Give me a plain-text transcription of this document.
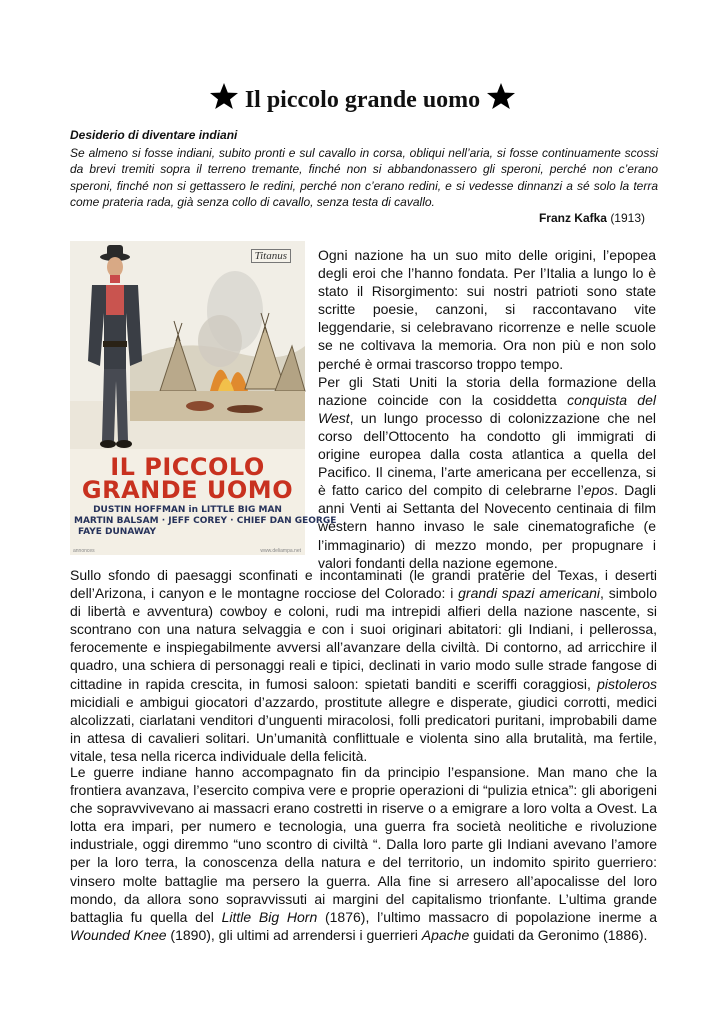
Il piccolo grande uomo
Desiderio di diventare indiani
Se almeno si fosse indiani, subito pronti e sul cavallo in corsa, obliqui nell’aria, si fosse continuamente scossi da brevi tremiti sopra il terreno tremante, finché non si abbandonassero gli speroni, perché non c’erano speroni, finché non si gettassero le redini, perché non c’erano redini, e si vedesse dinnanzi a sé solo la terra come prateria rada, già senza collo di cavallo, senza testa di cavallo.
Franz Kafka (1913)
Titanus
IL PICCOLO
GRANDE UOMO
DUSTIN HOFFMAN in LITTLE BIG MAN
MARTIN BALSAM · JEFF COREY · CHIEF DAN GEORGE
FAYE DUNAWAY
annonces	www.deliampa.net
Ogni nazione ha un suo mito delle origini, l’epopea degli eroi che l’hanno fondata. Per l’Italia a lungo lo è stato il Risorgimento: sui nostri patrioti sono state scritte poesie, canzoni, si raccontavano vite leggendarie, si celebravano ricorrenze e nelle scuole se ne coltivava la memoria. Ora non più e non solo perché è ormai trascorso troppo tempo.
Per gli Stati Uniti la storia della formazione della nazione coincide con la cosiddetta conquista del West, un lungo processo di colonizzazione che nel corso dell’Ottocento ha condotto gli immigrati di origine europea dalla costa atlantica a quella del Pacifico. Il cinema, l’arte americana per eccellenza, si è fatto carico del compito di celebrarne l’epos. Dagli anni Venti ai Settanta del Novecento centinaia di film western hanno invaso le sale cinematografiche (e l’immaginario) di mezzo mondo, per propugnare i valori fondanti della nazione egemone.
Sullo sfondo di paesaggi sconfinati e incontaminati (le grandi praterie del Texas, i deserti dell’Arizona, i canyon e le montagne rocciose del Colorado: i grandi spazi americani, simbolo di libertà e avventura) cowboy e coloni, rudi ma intrepidi alfieri della nazione nascente, si scontrano con una natura selvaggia e con i suoi originari abitatori: gli Indiani, i pellerossa, ferocemente e inspiegabilmente avversi all’avanzare della civiltà. Di contorno, ad arricchire il quadro, una schiera di personaggi reali e tipici, declinati in vario modo sulle strade fangose di cittadine in rapida crescita, in fumosi saloon: spietati banditi e sceriffi coraggiosi, pistoleros micidiali e ambigui giocatori d’azzardo, prostitute allegre e disperate, giudici corrotti, medici alcolizzati, ciarlatani venditori d’unguenti miracolosi, folli predicatori puritani, improbabili dame in attesa di cavalieri solitari. Un’umanità conflittuale e violenta sino alla brutalità, ma fertile, vitale, tesa nella ricerca individuale della felicità.
Le guerre indiane hanno accompagnato fin da principio l’espansione. Man mano che la frontiera avanzava, l’esercito compiva vere e proprie operazioni di “pulizia etnica”: gli aborigeni che sopravvivevano ai massacri erano costretti in riserve o a emigrare a loro volta a Ovest. La lotta era impari, per numero e tecnologia, una guerra fra società neolitiche e rivoluzione industriale, oggi diremmo “uno scontro di civiltà “. Dalla loro parte gli Indiani avevano l’amore per la loro terra, la conoscenza della natura e del territorio, un indomito spirito guerriero: vinsero molte battaglie ma persero la guerra. Alla fine si arresero all’apocalisse del loro mondo, da allora sono sopravvissuti ai margini del capitalismo trionfante. L’ultima grande battaglia fu quella del Little Big Horn (1876), l’ultimo massacro di popolazione inerme a Wounded Knee (1890), gli ultimi ad arrendersi i guerrieri Apache guidati da Geronimo (1886).
